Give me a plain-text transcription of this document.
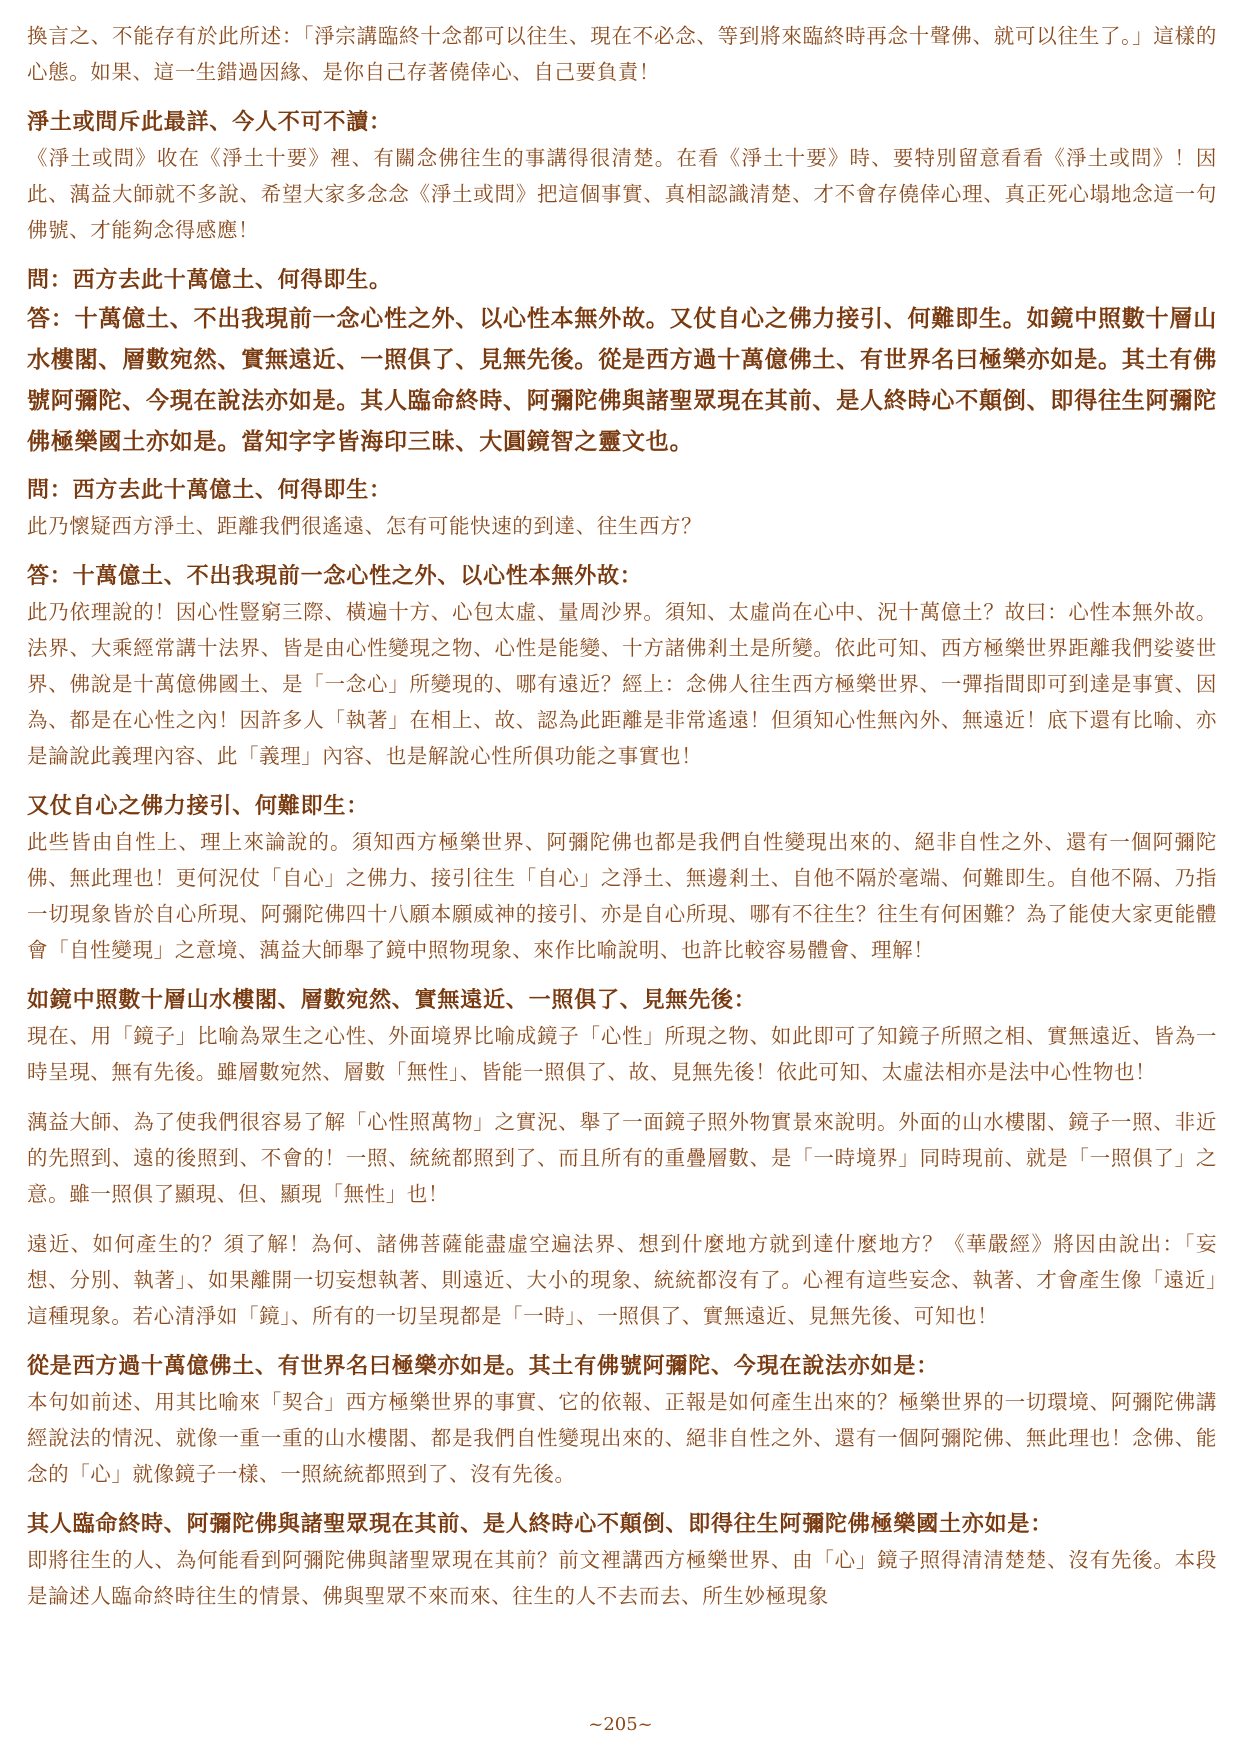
換言之、不能存有於此所述：「淨宗講臨終十念都可以往生、現在不必念、等到將來臨終時再念十聲佛、就可以往生了。」這樣的心態。如果、這一生錯過因緣、是你自己存著僥倖心、自己要負責！

淨土或問斥此最詳、今人不可不讀：

《淨土或問》收在《淨土十要》裡、有關念佛往生的事講得很清楚。在看《淨土十要》時、要特別留意看看《淨土或問》！因此、蕅益大師就不多說、希望大家多念念《淨土或問》把這個事實、真相認識清楚、才不會存僥倖心理、真正死心塌地念這一句佛號、才能夠念得感應！

問：西方去此十萬億土、何得即生。

答：十萬億土、不出我現前一念心性之外、以心性本無外故。又仗自心之佛力接引、何難即生。如鏡中照數十層山水樓閣、層數宛然、實無遠近、一照俱了、見無先後。從是西方過十萬億佛土、有世界名曰極樂亦如是。其土有佛號阿彌陀、今現在說法亦如是。其人臨命終時、阿彌陀佛與諸聖眾現在其前、是人終時心不顛倒、即得往生阿彌陀佛極樂國土亦如是。當知字字皆海印三昧、大圓鏡智之靈文也。

問：西方去此十萬億土、何得即生：

此乃懷疑西方淨土、距離我們很遙遠、怎有可能快速的到達、往生西方？

答：十萬億土、不出我現前一念心性之外、以心性本無外故：

此乃依理說的！因心性豎窮三際、橫遍十方、心包太虛、量周沙界。須知、太虛尚在心中、況十萬億土？故曰：心性本無外故。法界、大乘經常講十法界、皆是由心性變現之物、心性是能變、十方諸佛剎土是所變。依此可知、西方極樂世界距離我們娑婆世界、佛說是十萬億佛國土、是「一念心」所變現的、哪有遠近？經上：念佛人往生西方極樂世界、一彈指間即可到達是事實、因為、都是在心性之內！因許多人「執著」在相上、故、認為此距離是非常遙遠！但須知心性無內外、無遠近！底下還有比喻、亦是論說此義理內容、此「義理」內容、也是解說心性所俱功能之事實也！

又仗自心之佛力接引、何難即生：

此些皆由自性上、理上來論說的。須知西方極樂世界、阿彌陀佛也都是我們自性變現出來的、絕非自性之外、還有一個阿彌陀佛、無此理也！更何況仗「自心」之佛力、接引往生「自心」之淨土、無邊剎土、自他不隔於毫端、何難即生。自他不隔、乃指一切現象皆於自心所現、阿彌陀佛四十八願本願威神的接引、亦是自心所現、哪有不往生？往生有何困難？為了能使大家更能體會「自性變現」之意境、蕅益大師舉了鏡中照物現象、來作比喻說明、也許比較容易體會、理解！

如鏡中照數十層山水樓閣、層數宛然、實無遠近、一照俱了、見無先後：

現在、用「鏡子」比喻為眾生之心性、外面境界比喻成鏡子「心性」所現之物、如此即可了知鏡子所照之相、實無遠近、皆為一時呈現、無有先後。雖層數宛然、層數「無性」、皆能一照俱了、故、見無先後！依此可知、太虛法相亦是法中心性物也！

蕅益大師、為了使我們很容易了解「心性照萬物」之實況、舉了一面鏡子照外物實景來說明。外面的山水樓閣、鏡子一照、非近的先照到、遠的後照到、不會的！一照、統統都照到了、而且所有的重疊層數、是「一時境界」同時現前、就是「一照俱了」之意。雖一照俱了顯現、但、顯現「無性」也！

遠近、如何產生的？須了解！為何、諸佛菩薩能盡虛空遍法界、想到什麼地方就到達什麼地方？《華嚴經》將因由說出：「妄想、分別、執著」、如果離開一切妄想執著、則遠近、大小的現象、統統都沒有了。心裡有這些妄念、執著、才會產生像「遠近」這種現象。若心清淨如「鏡」、所有的一切呈現都是「一時」、一照俱了、實無遠近、見無先後、可知也！

從是西方過十萬億佛土、有世界名曰極樂亦如是。其土有佛號阿彌陀、今現在說法亦如是：

本句如前述、用其比喻來「契合」西方極樂世界的事實、它的依報、正報是如何產生出來的？極樂世界的一切環境、阿彌陀佛講經說法的情況、就像一重一重的山水樓閣、都是我們自性變現出來的、絕非自性之外、還有一個阿彌陀佛、無此理也！念佛、能念的「心」就像鏡子一樣、一照統統都照到了、沒有先後。

其人臨命終時、阿彌陀佛與諸聖眾現在其前、是人終時心不顛倒、即得往生阿彌陀佛極樂國土亦如是：

即將往生的人、為何能看到阿彌陀佛與諸聖眾現在其前？前文裡講西方極樂世界、由「心」鏡子照得清清楚楚、沒有先後。本段是論述人臨命終時往生的情景、佛與聖眾不來而來、往生的人不去而去、所生妙極現象

~205~
